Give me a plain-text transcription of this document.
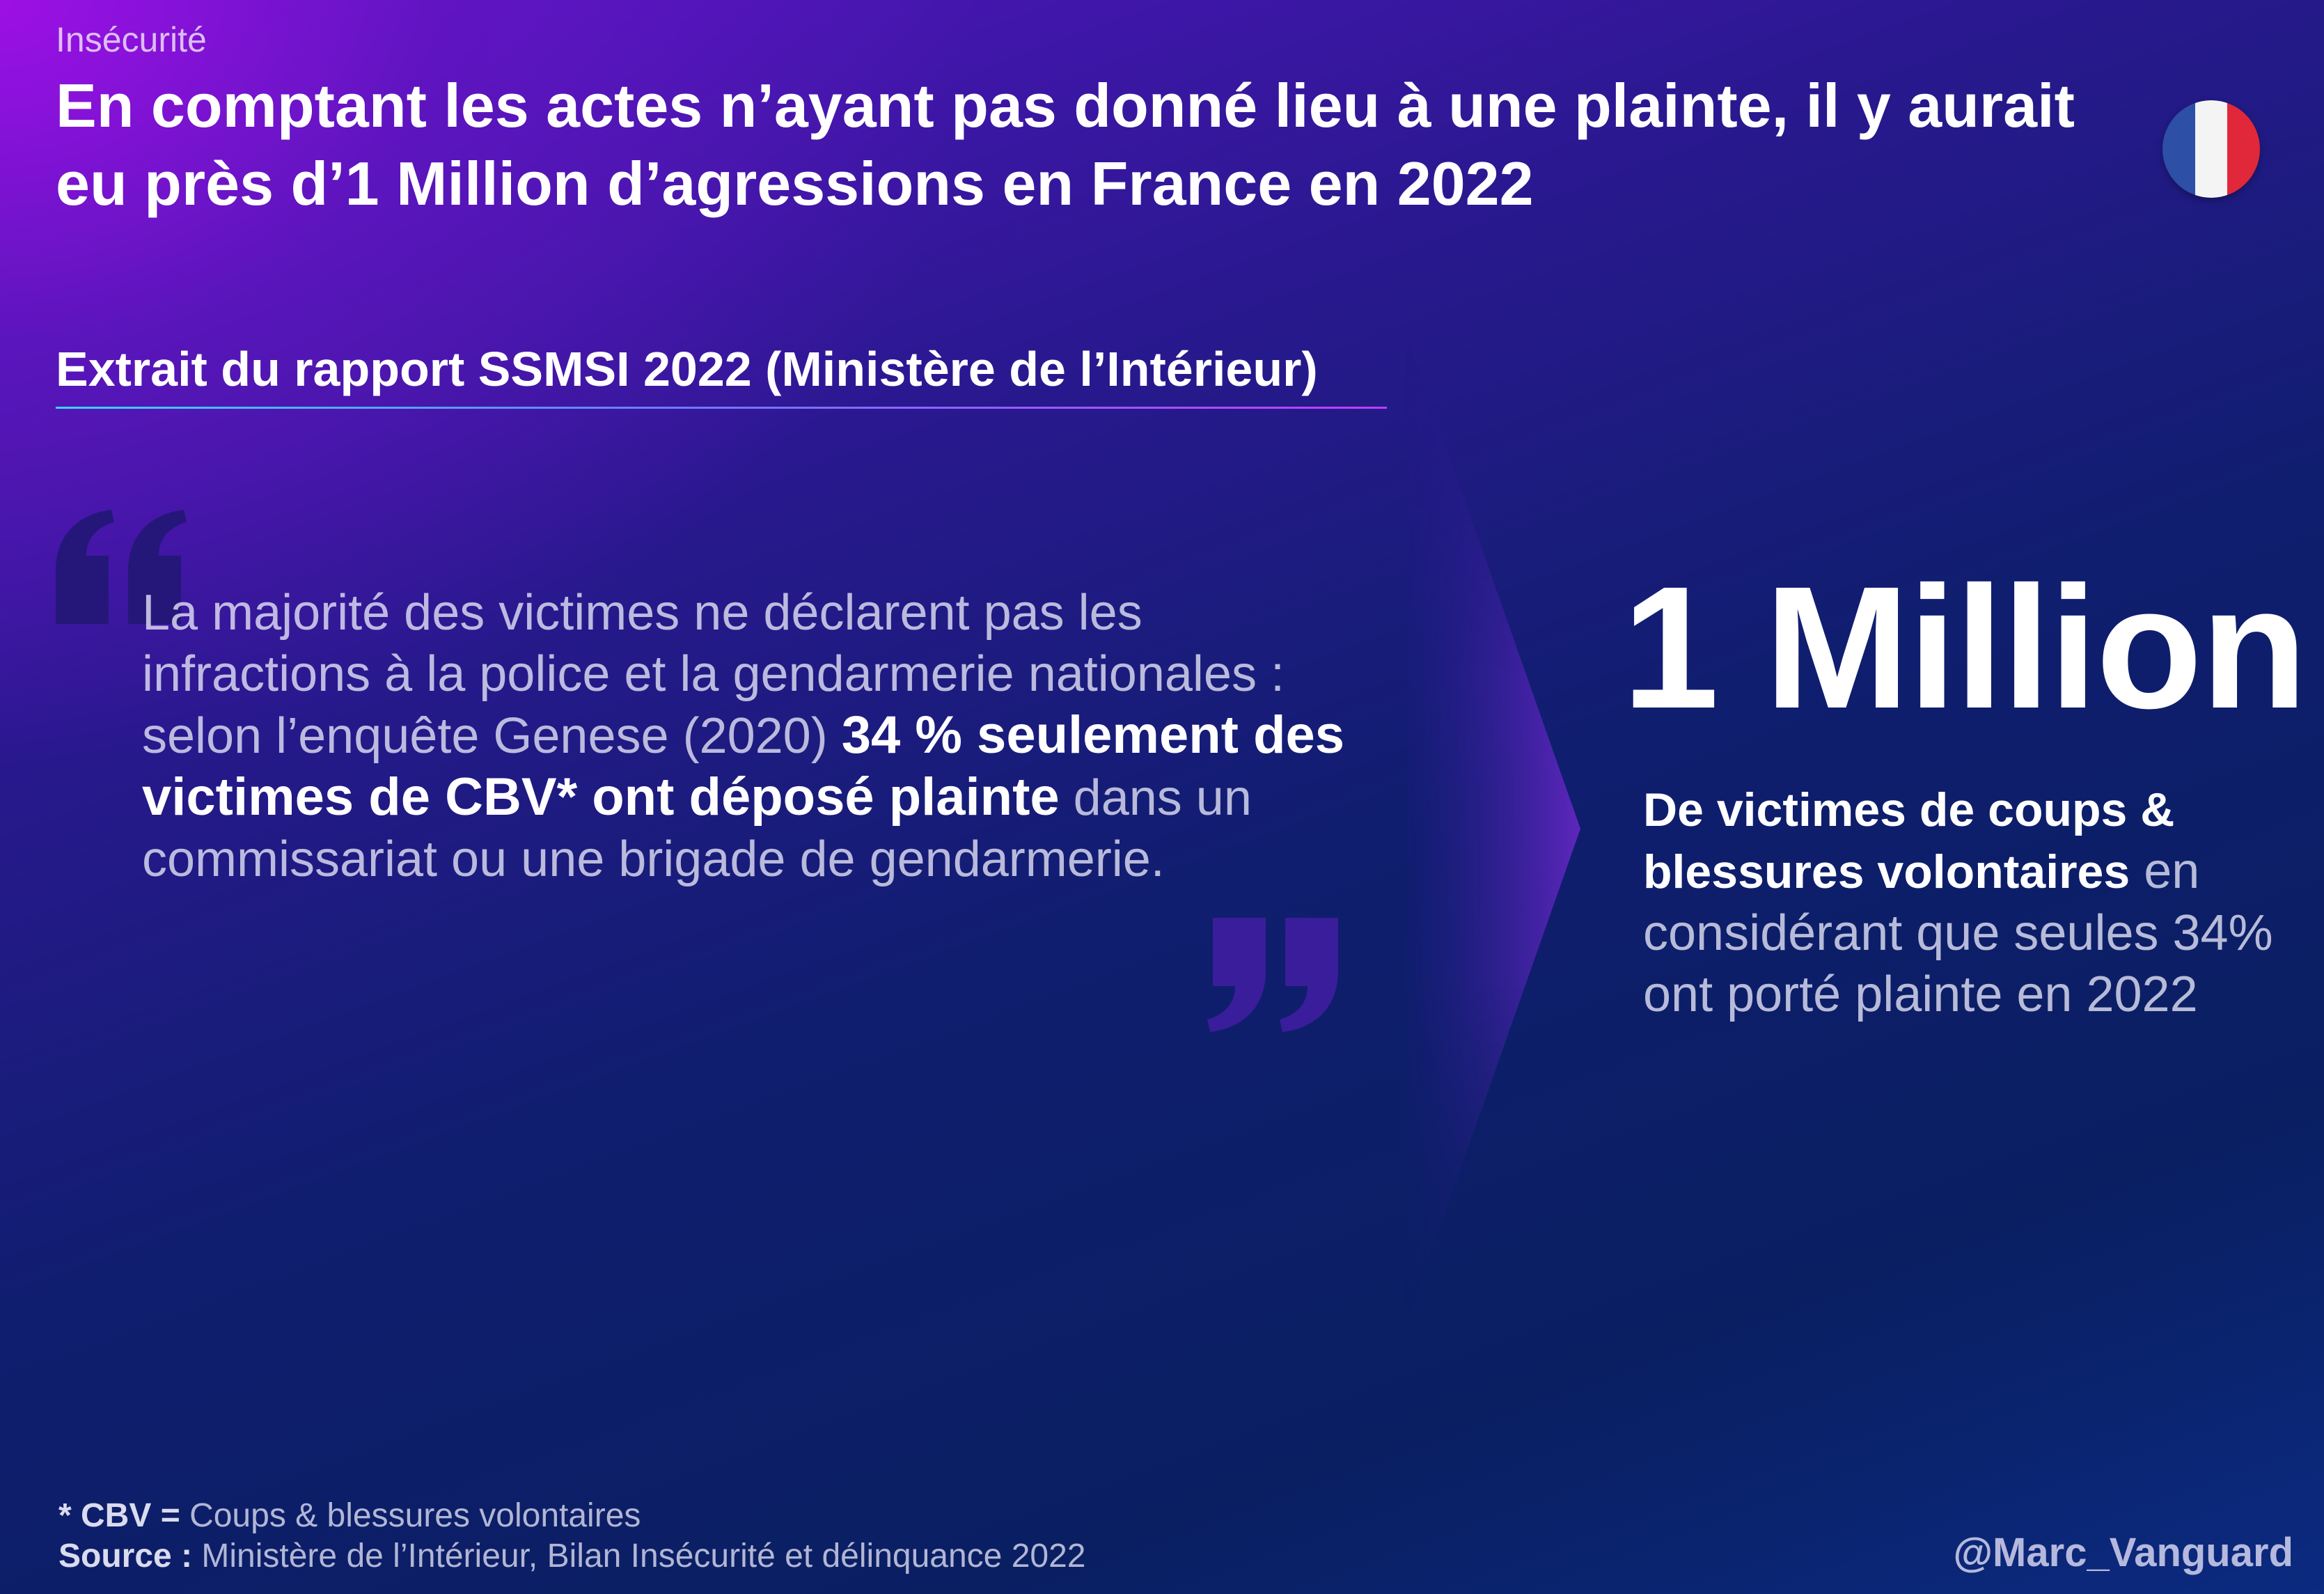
Insécurité

En comptant les actes n’ayant pas donné lieu à une plainte, il y aurait eu près d’1 Million d’agressions en France en 2022
Extrait du rapport SSMSI 2022 (Ministère de l’Intérieur)

La majorité des victimes ne déclarent pas les infractions à la police et la gendarmerie nationales : selon l’enquête Genese (2020) 34 % seulement des victimes de CBV* ont déposé plainte dans un commissariat ou une brigade de gendarmerie.

1 Million

De victimes de coups & blessures volontaires en considérant que seules 34% ont porté plainte en 2022

* CBV = Coups & blessures volontaires
Source : Ministère de l’Intérieur, Bilan Insécurité et délinquance 2022	@Marc_Vanguard
